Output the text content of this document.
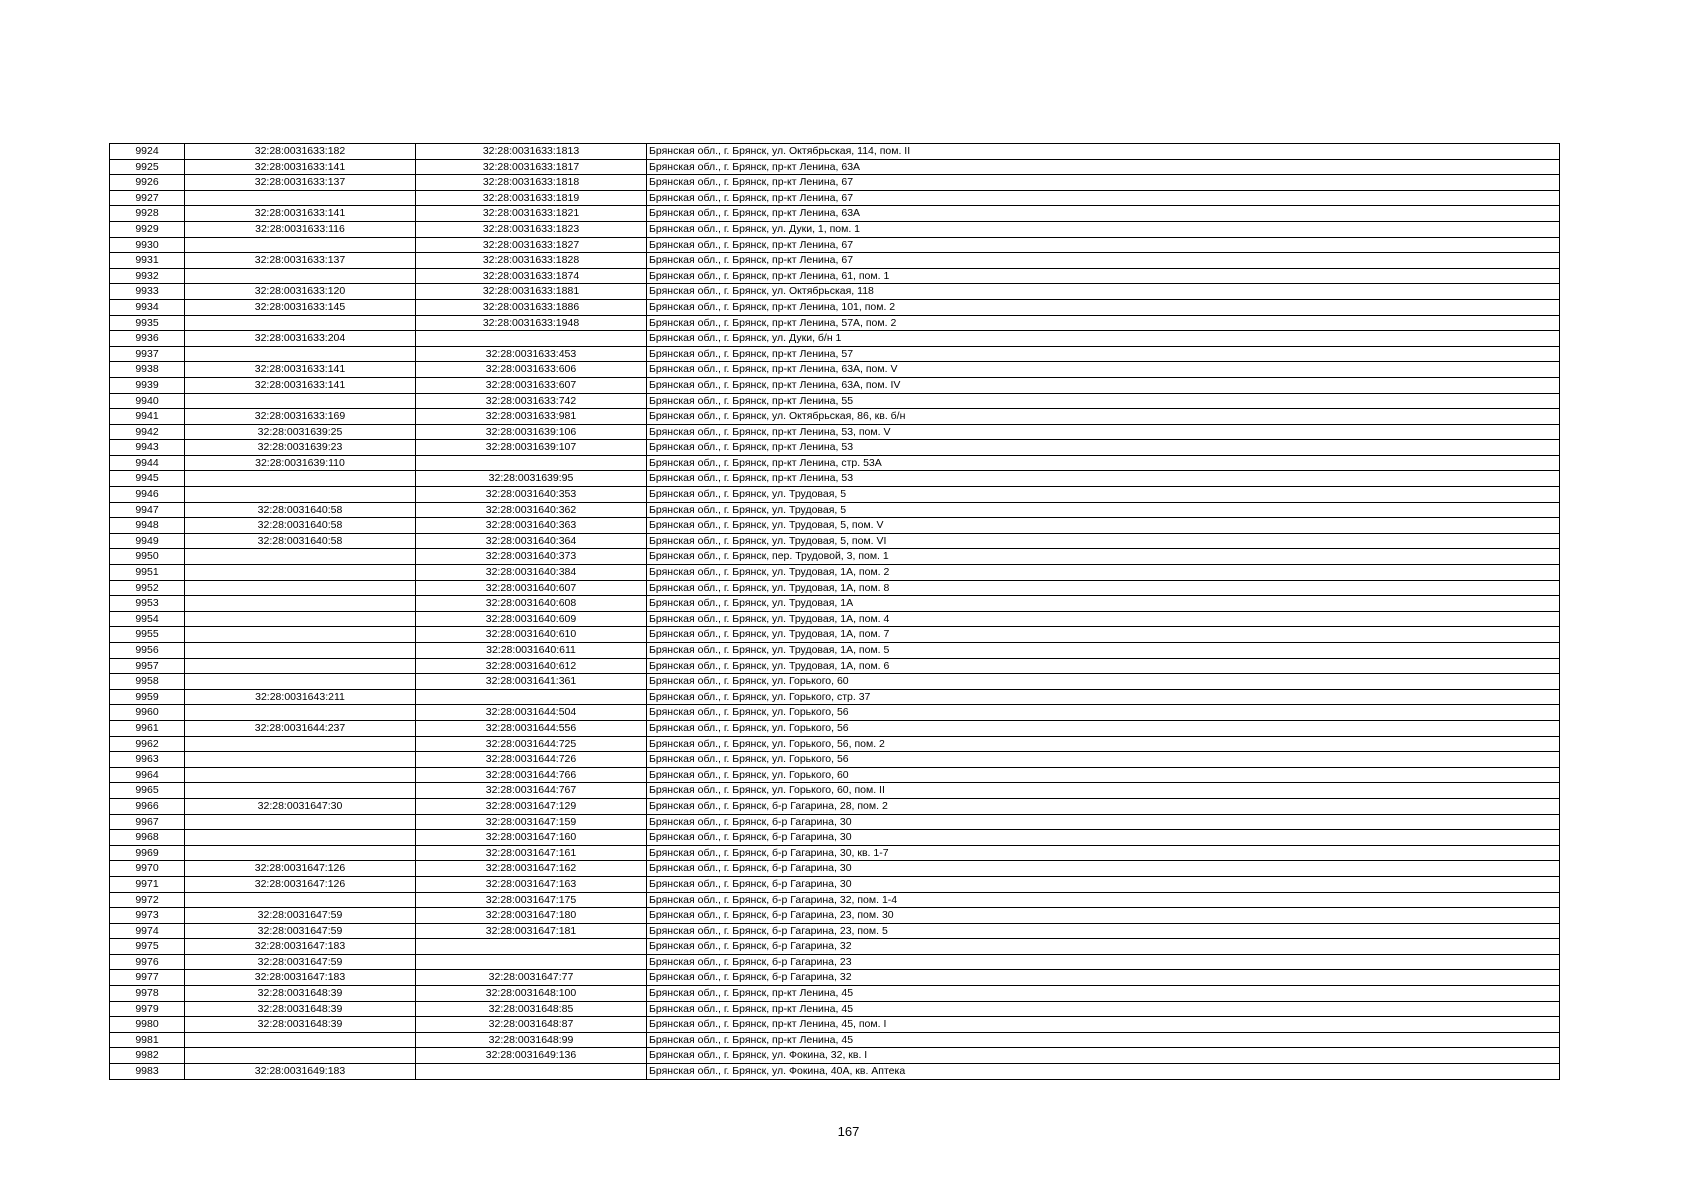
9924	32:28:0031633:182	32:28:0031633:1813	Брянская обл., г. Брянск, ул. Октябрьская, 114, пом. II
9925	32:28:0031633:141	32:28:0031633:1817	Брянская обл., г. Брянск, пр-кт Ленина, 63А
9926	32:28:0031633:137	32:28:0031633:1818	Брянская обл., г. Брянск, пр-кт Ленина, 67
9927		32:28:0031633:1819	Брянская обл., г. Брянск, пр-кт Ленина, 67
9928	32:28:0031633:141	32:28:0031633:1821	Брянская обл., г. Брянск, пр-кт Ленина, 63А
9929	32:28:0031633:116	32:28:0031633:1823	Брянская обл., г. Брянск, ул. Дуки, 1, пом. 1
9930		32:28:0031633:1827	Брянская обл., г. Брянск, пр-кт Ленина, 67
9931	32:28:0031633:137	32:28:0031633:1828	Брянская обл., г. Брянск, пр-кт Ленина, 67
9932		32:28:0031633:1874	Брянская обл., г. Брянск, пр-кт Ленина, 61, пом. 1
9933	32:28:0031633:120	32:28:0031633:1881	Брянская обл., г. Брянск, ул. Октябрьская, 118
9934	32:28:0031633:145	32:28:0031633:1886	Брянская обл., г. Брянск, пр-кт Ленина, 101, пом. 2
9935		32:28:0031633:1948	Брянская обл., г. Брянск, пр-кт Ленина, 57А, пом. 2
9936	32:28:0031633:204		Брянская обл., г. Брянск, ул. Дуки, б/н 1
9937		32:28:0031633:453	Брянская обл., г. Брянск, пр-кт Ленина, 57
9938	32:28:0031633:141	32:28:0031633:606	Брянская обл., г. Брянск, пр-кт Ленина, 63А, пом. V
9939	32:28:0031633:141	32:28:0031633:607	Брянская обл., г. Брянск, пр-кт Ленина, 63А, пом. IV
9940		32:28:0031633:742	Брянская обл., г. Брянск, пр-кт Ленина, 55
9941	32:28:0031633:169	32:28:0031633:981	Брянская обл., г. Брянск, ул. Октябрьская, 86, кв. б/н
9942	32:28:0031639:25	32:28:0031639:106	Брянская обл., г. Брянск, пр-кт Ленина, 53, пом. V
9943	32:28:0031639:23	32:28:0031639:107	Брянская обл., г. Брянск, пр-кт Ленина, 53
9944	32:28:0031639:110		Брянская обл., г. Брянск, пр-кт Ленина, стр. 53А
9945		32:28:0031639:95	Брянская обл., г. Брянск, пр-кт Ленина, 53
9946		32:28:0031640:353	Брянская обл., г. Брянск, ул. Трудовая, 5
9947	32:28:0031640:58	32:28:0031640:362	Брянская обл., г. Брянск, ул. Трудовая, 5
9948	32:28:0031640:58	32:28:0031640:363	Брянская обл., г. Брянск, ул. Трудовая, 5, пом. V
9949	32:28:0031640:58	32:28:0031640:364	Брянская обл., г. Брянск, ул. Трудовая, 5, пом. VI
9950		32:28:0031640:373	Брянская обл., г. Брянск, пер. Трудовой, 3, пом. 1
9951		32:28:0031640:384	Брянская обл., г. Брянск, ул. Трудовая, 1А, пом. 2
9952		32:28:0031640:607	Брянская обл., г. Брянск, ул. Трудовая, 1А, пом. 8
9953		32:28:0031640:608	Брянская обл., г. Брянск, ул. Трудовая, 1А
9954		32:28:0031640:609	Брянская обл., г. Брянск, ул. Трудовая, 1А, пом. 4
9955		32:28:0031640:610	Брянская обл., г. Брянск, ул. Трудовая, 1А, пом. 7
9956		32:28:0031640:611	Брянская обл., г. Брянск, ул. Трудовая, 1А, пом. 5
9957		32:28:0031640:612	Брянская обл., г. Брянск, ул. Трудовая, 1А, пом. 6
9958		32:28:0031641:361	Брянская обл., г. Брянск, ул. Горького, 60
9959	32:28:0031643:211		Брянская обл., г. Брянск, ул. Горького, стр. 37
9960		32:28:0031644:504	Брянская обл., г. Брянск, ул. Горького, 56
9961	32:28:0031644:237	32:28:0031644:556	Брянская обл., г. Брянск, ул. Горького, 56
9962		32:28:0031644:725	Брянская обл., г. Брянск, ул. Горького, 56, пом. 2
9963		32:28:0031644:726	Брянская обл., г. Брянск, ул. Горького, 56
9964		32:28:0031644:766	Брянская обл., г. Брянск, ул. Горького, 60
9965		32:28:0031644:767	Брянская обл., г. Брянск, ул. Горького, 60, пом. II
9966	32:28:0031647:30	32:28:0031647:129	Брянская обл., г. Брянск, б-р Гагарина, 28, пом. 2
9967		32:28:0031647:159	Брянская обл., г. Брянск, б-р Гагарина, 30
9968		32:28:0031647:160	Брянская обл., г. Брянск, б-р Гагарина, 30
9969		32:28:0031647:161	Брянская обл., г. Брянск, б-р Гагарина, 30, кв. 1-7
9970	32:28:0031647:126	32:28:0031647:162	Брянская обл., г. Брянск, б-р Гагарина, 30
9971	32:28:0031647:126	32:28:0031647:163	Брянская обл., г. Брянск, б-р Гагарина, 30
9972		32:28:0031647:175	Брянская обл., г. Брянск, б-р Гагарина, 32, пом. 1-4
9973	32:28:0031647:59	32:28:0031647:180	Брянская обл., г. Брянск, б-р Гагарина, 23, пом. 30
9974	32:28:0031647:59	32:28:0031647:181	Брянская обл., г. Брянск, б-р Гагарина, 23, пом. 5
9975	32:28:0031647:183		Брянская обл., г. Брянск, б-р Гагарина, 32
9976	32:28:0031647:59		Брянская обл., г. Брянск, б-р Гагарина, 23
9977	32:28:0031647:183	32:28:0031647:77	Брянская обл., г. Брянск, б-р Гагарина, 32
9978	32:28:0031648:39	32:28:0031648:100	Брянская обл., г. Брянск, пр-кт Ленина, 45
9979	32:28:0031648:39	32:28:0031648:85	Брянская обл., г. Брянск, пр-кт Ленина, 45
9980	32:28:0031648:39	32:28:0031648:87	Брянская обл., г. Брянск, пр-кт Ленина, 45, пом. I
9981		32:28:0031648:99	Брянская обл., г. Брянск, пр-кт Ленина, 45
9982		32:28:0031649:136	Брянская обл., г. Брянск, ул. Фокина, 32, кв. I
9983	32:28:0031649:183		Брянская обл., г. Брянск, ул. Фокина, 40А, кв. Аптека
167
